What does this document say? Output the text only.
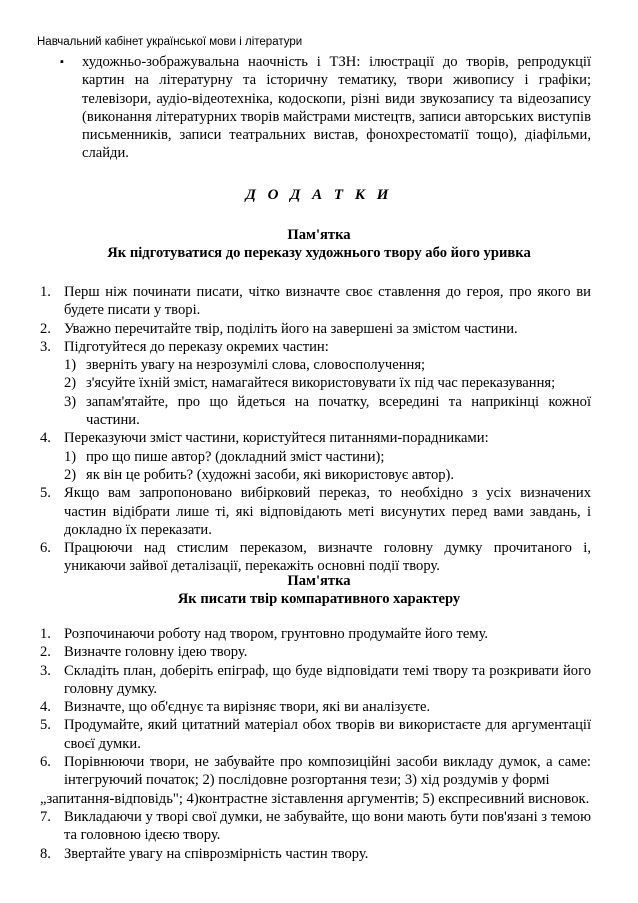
Навчальний кабінет української мови і літератури
▪ художньо-зображувальна наочність і ТЗН: ілюстрації до творів, репродукції картин на літературну та історичну тематику, твори живопису і графіки; телевізори, аудіо-відеотехніка, кодоскопи, різні види звукозапису та відеозапису (виконання літературних творів майстрами мистецтв, записи авторських виступів письменників, записи театральних вистав, фонохрестоматії тощо), діафільми, слайди.
Д О Д А Т К И
Пам'ятка
Як підготуватися до переказу художнього твору або його уривка
1. Перш ніж починати писати, чітко визначте своє ставлення до героя, про якого ви будете писати у творі.
2. Уважно перечитайте твір, поділіть його на завершені за змістом частини.
3. Підготуйтеся до переказу окремих частин:
1) зверніть увагу на незрозумілі слова, словосполучення;
2) з'ясуйте їхній зміст, намагайтеся використовувати їх під час переказування;
3) запам'ятайте, про що йдеться на початку, всередині та наприкінці кожної частини.
4. Переказуючи зміст частини, користуйтеся питаннями-порадниками:
1) про що пише автор? (докладний зміст частини);
2) як він це робить? (художні засоби, які використовує автор).
5. Якщо вам запропоновано вибірковий переказ, то необхідно з усіх визначених частин відібрати лише ті, які відповідають меті висунутих перед вами завдань, і докладно їх переказати.
6. Працюючи над стислим переказом, визначте головну думку прочитаного і, уникаючи зайвої деталізації, перекажіть основні події твору.
Пам'ятка
Як писати твір компаративного характеру
1. Розпочинаючи роботу над твором, грунтовно продумайте його тему.
2. Визначте головну ідею твору.
3. Складіть план, доберіть епіграф, що буде відповідати темі твору та розкривати його головну думку.
4. Визначте, що об'єднує та вирізняє твори, які ви аналізуєте.
5. Продумайте, який цитатний матеріал обох творів ви використаєте для аргументації своєї думки.
6. Порівнюючи твори, не забувайте про композиційні засоби викладу думок, а саме: інтегруючий початок; 2) послідовне розгортання тези; 3) хід роздумів у формі
„запитання-відповідь"; 4)контрастне зіставлення аргументів; 5) експресивний висновок.
7. Викладаючи у творі свої думки, не забувайте, що вони мають бути пов'язані з темою та головною ідеєю твору.
8. Звертайте увагу на співрозмірність частин твору.
